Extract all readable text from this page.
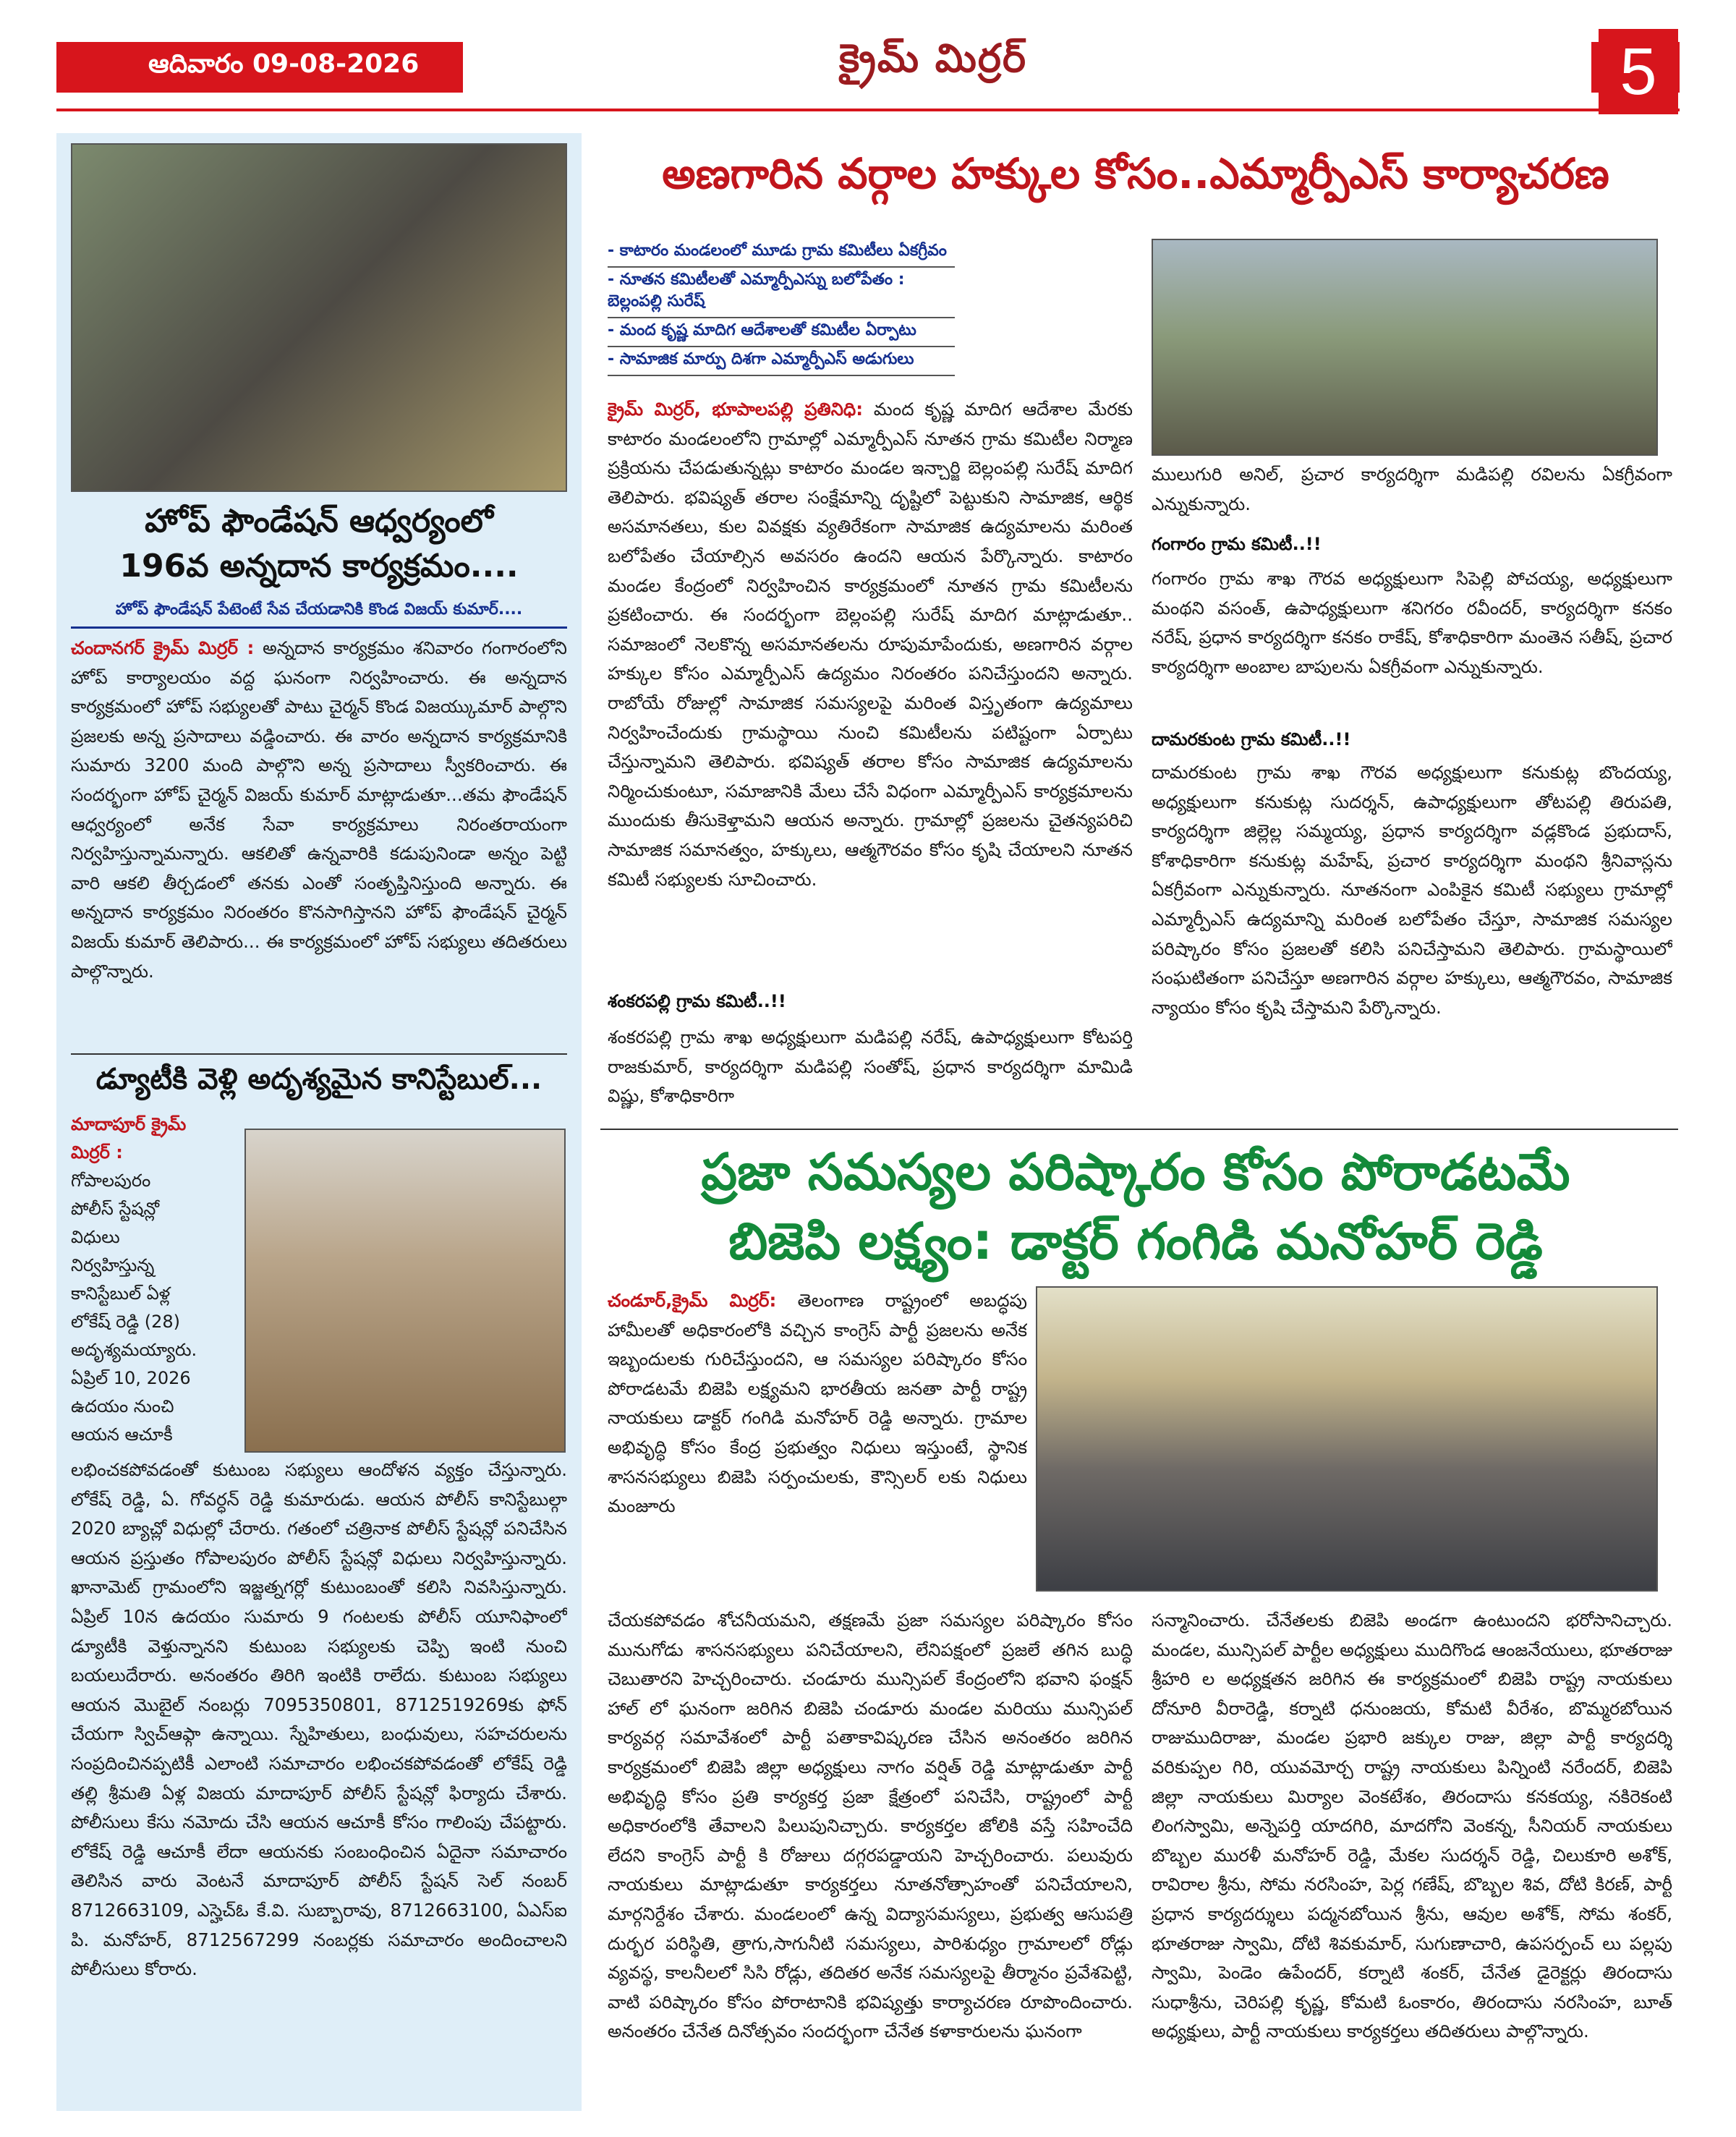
ఆదివారం 09-08-2026	క్రైమ్ మిర్రర్	5
హోప్ ఫౌండేషన్ ఆధ్వర్యంలో
196వ అన్నదాన కార్యక్రమం....
హోప్ ఫౌండేషన్ పేటెంటే సేవ చేయడానికి కొండ విజయ్ కుమార్....
చందానగర్ క్రైమ్ మిర్రర్ : అన్నదాన కార్యక్రమం శనివారం గంగారంలోని హోప్ కార్యాలయం వద్ద ఘనంగా నిర్వహించారు. ఈ అన్నదాన కార్యక్రమంలో హోప్ సభ్యులతో పాటు చైర్మన్ కొండ విజయ్కుమార్ పాల్గొని ప్రజలకు అన్న ప్రసాదాలు వడ్డించారు. ఈ వారం అన్నదాన కార్యక్రమానికి సుమారు 3200 మంది పాల్గొని అన్న ప్రసాదాలు స్వీకరించారు. ఈ సందర్భంగా హోప్ చైర్మన్ విజయ్ కుమార్ మాట్లాడుతూ...తమ ఫౌండేషన్ ఆధ్వర్యంలో అనేక సేవా కార్యక్రమాలు నిరంతరాయంగా నిర్వహిస్తున్నామన్నారు. ఆకలితో ఉన్నవారికి కడుపునిండా అన్నం పెట్టి వారి ఆకలి తీర్చడంలో తనకు ఎంతో సంతృప్తినిస్తుంది అన్నారు. ఈ అన్నదాన కార్యక్రమం నిరంతరం కొనసాగిస్తానని హోప్ ఫౌండేషన్ చైర్మన్ విజయ్ కుమార్ తెలిపారు... ఈ కార్యక్రమంలో హోప్ సభ్యులు తదితరులు పాల్గొన్నారు.
డ్యూటీకి వెళ్లి అదృశ్యమైన కానిస్టేబుల్...
మాదాపూర్ క్రైమ్
మిర్రర్ :
గోపాలపురం
పోలీస్ స్టేషన్లో
విధులు
నిర్వహిస్తున్న
కానిస్టేబుల్ ఏళ్ల
లోకేష్ రెడ్డి (28)
అదృశ్యమయ్యారు.
ఏప్రిల్ 10, 2026
ఉదయం నుంచి
ఆయన ఆచూకీ
లభించకపోవడంతో కుటుంబ సభ్యులు ఆందోళన వ్యక్తం చేస్తున్నారు. లోకేష్ రెడ్డి, ఏ. గోవర్ధన్ రెడ్డి కుమారుడు. ఆయన పోలీస్ కానిస్టేబుల్గా 2020 బ్యాచ్లో విధుల్లో చేరారు. గతంలో చత్రినాక పోలీస్ స్టేషన్లో పనిచేసిన ఆయన ప్రస్తుతం గోపాలపురం పోలీస్ స్టేషన్లో విధులు నిర్వహిస్తున్నారు. ఖానామెట్ గ్రామంలోని ఇజ్జత్నగర్లో కుటుంబంతో కలిసి నివసిస్తున్నారు. ఏప్రిల్ 10న ఉదయం సుమారు 9 గంటలకు పోలీస్ యూనిఫాంలో డ్యూటీకి వెళ్తున్నానని కుటుంబ సభ్యులకు చెప్పి ఇంటి నుంచి బయలుదేరారు. అనంతరం తిరిగి ఇంటికి రాలేదు. కుటుంబ సభ్యులు ఆయన మొబైల్ నంబర్లు 7095350801, 8712519269కు ఫోన్ చేయగా స్విచ్ఆఫ్గా ఉన్నాయి. స్నేహితులు, బంధువులు, సహచరులను సంప్రదించినప్పటికీ ఎలాంటి సమాచారం లభించకపోవడంతో లోకేష్ రెడ్డి తల్లి శ్రీమతి ఏళ్ల విజయ మాదాపూర్ పోలీస్ స్టేషన్లో ఫిర్యాదు చేశారు. పోలీసులు కేసు నమోదు చేసి ఆయన ఆచూకీ కోసం గాలింపు చేపట్టారు. లోకేష్ రెడ్డి ఆచూకీ లేదా ఆయనకు సంబంధించిన ఏదైనా సమాచారం తెలిసిన వారు వెంటనే మాదాపూర్ పోలీస్ స్టేషన్ సెల్ నంబర్ 8712663109, ఎస్హెచ్ఓ కే.వి. సుబ్బారావు, 8712663100, ఏఎస్ఐ పి. మనోహర్, 8712567299 నంబర్లకు సమాచారం అందించాలని పోలీసులు కోరారు.
అణగారిన వర్గాల హక్కుల కోసం..ఎమ్మార్పీఎస్ కార్యాచరణ
- కాటారం మండలంలో మూడు గ్రామ కమిటీలు ఏకగ్రీవం
- నూతన కమిటీలతో ఎమ్మార్పీఎస్ను బలోపేతం : బెల్లంపల్లి సురేష్
- మంద కృష్ణ మాదిగ ఆదేశాలతో కమిటీల ఏర్పాటు
- సామాజిక మార్పు దిశగా ఎమ్మార్పీఎస్ అడుగులు
క్రైమ్ మిర్రర్, భూపాలపల్లి ప్రతినిధి: మంద కృష్ణ మాదిగ ఆదేశాల మేరకు కాటారం మండలంలోని గ్రామాల్లో ఎమ్మార్పీఎస్ నూతన గ్రామ కమిటీల నిర్మాణ ప్రక్రియను చేపడుతున్నట్లు కాటారం మండల ఇన్చార్జి బెల్లంపల్లి సురేష్ మాదిగ తెలిపారు. భవిష్యత్ తరాల సంక్షేమాన్ని దృష్టిలో పెట్టుకుని సామాజిక, ఆర్థిక అసమానతలు, కుల వివక్షకు వ్యతిరేకంగా సామాజిక ఉద్యమాలను మరింత బలోపేతం చేయాల్సిన అవసరం ఉందని ఆయన పేర్కొన్నారు. కాటారం మండల కేంద్రంలో నిర్వహించిన కార్యక్రమంలో నూతన గ్రామ కమిటీలను ప్రకటించారు. ఈ సందర్భంగా బెల్లంపల్లి సురేష్ మాదిగ మాట్లాడుతూ.. సమాజంలో నెలకొన్న అసమానతలను రూపుమాపేందుకు, అణగారిన వర్గాల హక్కుల కోసం ఎమ్మార్పీఎస్ ఉద్యమం నిరంతరం పనిచేస్తుందని అన్నారు. రాబోయే రోజుల్లో సామాజిక సమస్యలపై మరింత విస్తృతంగా ఉద్యమాలు నిర్వహించేందుకు గ్రామస్థాయి నుంచి కమిటీలను పటిష్టంగా ఏర్పాటు చేస్తున్నామని తెలిపారు. భవిష్యత్ తరాల కోసం సామాజిక ఉద్యమాలను నిర్మించుకుంటూ, సమాజానికి మేలు చేసే విధంగా ఎమ్మార్పీఎస్ కార్యక్రమాలను ముందుకు తీసుకెళ్తామని ఆయన అన్నారు. గ్రామాల్లో ప్రజలను చైతన్యపరిచి సామాజిక సమానత్వం, హక్కులు, ఆత్మగౌరవం కోసం కృషి చేయాలని నూతన కమిటీ సభ్యులకు సూచించారు.
శంకరపల్లి గ్రామ కమిటీ..!!
శంకరపల్లి గ్రామ శాఖ అధ్యక్షులుగా మడిపల్లి నరేష్, ఉపాధ్యక్షులుగా కోటపర్తి రాజకుమార్, కార్యదర్శిగా మడిపల్లి సంతోష్, ప్రధాన కార్యదర్శిగా మామిడి విష్ణు, కోశాధికారిగా
ములుగురి అనిల్, ప్రచార కార్యదర్శిగా మడిపల్లి రవిలను ఏకగ్రీవంగా ఎన్నుకున్నారు.
గంగారం గ్రామ కమిటీ..!!
గంగారం గ్రామ శాఖ గౌరవ అధ్యక్షులుగా సిపెల్లి పోచయ్య, అధ్యక్షులుగా మంథని వసంత్, ఉపాధ్యక్షులుగా శనిగరం రవీందర్, కార్యదర్శిగా కనకం నరేష్, ప్రధాన కార్యదర్శిగా కనకం రాకేష్, కోశాధికారిగా మంతెన సతీష్, ప్రచార కార్యదర్శిగా అంబాల బాపులను ఏకగ్రీవంగా ఎన్నుకున్నారు.
దామరకుంట గ్రామ కమిటీ..!!
దామరకుంట గ్రామ శాఖ గౌరవ అధ్యక్షులుగా కనుకుట్ల బొందయ్య, అధ్యక్షులుగా కనుకుట్ల సుదర్శన్, ఉపాధ్యక్షులుగా తోటపల్లి తిరుపతి, కార్యదర్శిగా జిల్లెల్ల సమ్మయ్య, ప్రధాన కార్యదర్శిగా వడ్లకొండ ప్రభుదాస్, కోశాధికారిగా కనుకుట్ల మహేష్, ప్రచార కార్యదర్శిగా మంథని శ్రీనివాస్లను ఏకగ్రీవంగా ఎన్నుకున్నారు. నూతనంగా ఎంపికైన కమిటీ సభ్యులు గ్రామాల్లో ఎమ్మార్పీఎస్ ఉద్యమాన్ని మరింత బలోపేతం చేస్తూ, సామాజిక సమస్యల పరిష్కారం కోసం ప్రజలతో కలిసి పనిచేస్తామని తెలిపారు. గ్రామస్థాయిలో సంఘటితంగా పనిచేస్తూ అణగారిన వర్గాల హక్కులు, ఆత్మగౌరవం, సామాజిక న్యాయం కోసం కృషి చేస్తామని పేర్కొన్నారు.
ప్రజా సమస్యల పరిష్కారం కోసం పోరాడటమే
బిజెపి లక్ష్యం: డాక్టర్ గంగిడి మనోహర్ రెడ్డి
చండూర్,క్రైమ్ మిర్రర్: తెలంగాణ రాష్ట్రంలో అబద్ధపు హామీలతో అధికారంలోకి వచ్చిన కాంగ్రెస్ పార్టీ ప్రజలను అనేక ఇబ్బందులకు గురిచేస్తుందని, ఆ సమస్యల పరిష్కారం కోసం పోరాడటమే బిజెపి లక్ష్యమని భారతీయ జనతా పార్టీ రాష్ట్ర నాయకులు డాక్టర్ గంగిడి మనోహర్ రెడ్డి అన్నారు. గ్రామాల అభివృద్ధి కోసం కేంద్ర ప్రభుత్వం నిధులు ఇస్తుంటే, స్థానిక శాసనసభ్యులు బిజెపి సర్పంచులకు, కౌన్సిలర్ లకు నిధులు మంజూరు
చేయకపోవడం శోచనీయమని, తక్షణమే ప్రజా సమస్యల పరిష్కారం కోసం మునుగోడు శాసనసభ్యులు పనిచేయాలని, లేనిపక్షంలో ప్రజలే తగిన బుద్ధి చెబుతారని హెచ్చరించారు. చండూరు మున్సిపల్ కేంద్రంలోని భవాని ఫంక్షన్ హాల్ లో ఘనంగా జరిగిన బిజెపి చండూరు మండల మరియు మున్సిపల్ కార్యవర్గ సమావేశంలో పార్టీ పతాకావిష్కరణ చేసిన అనంతరం జరిగిన కార్యక్రమంలో బిజెపి జిల్లా అధ్యక్షులు నాగం వర్షిత్ రెడ్డి మాట్లాడుతూ పార్టీ అభివృద్ధి కోసం ప్రతి కార్యకర్త ప్రజా క్షేత్రంలో పనిచేసి, రాష్ట్రంలో పార్టీ అధికారంలోకి తేవాలని పిలుపునిచ్చారు. కార్యకర్తల జోలికి వస్తే సహించేది లేదని కాంగ్రెస్ పార్టీ కి రోజులు దగ్గరపడ్డాయని హెచ్చరించారు. పలువురు నాయకులు మాట్లాడుతూ కార్యకర్తలు నూతనోత్సాహంతో పనిచేయాలని, మార్గనిర్దేశం చేశారు. మండలంలో ఉన్న విద్యాసమస్యలు, ప్రభుత్వ ఆసుపత్రి దుర్భర పరిస్థితి, త్రాగు,సాగునీటి సమస్యలు, పారిశుధ్యం గ్రామాలలో రోడ్లు వ్యవస్థ, కాలనీలలో సిసి రోడ్లు, తదితర అనేక సమస్యలపై తీర్మానం ప్రవేశపెట్టి, వాటి పరిష్కారం కోసం పోరాటానికి భవిష్యత్తు కార్యాచరణ రూపొందించారు. అనంతరం చేనేత దినోత్సవం సందర్భంగా చేనేత కళాకారులను ఘనంగా
సన్మానించారు. చేనేతలకు బిజెపి అండగా ఉంటుందని భరోసానిచ్చారు. మండల, మున్సిపల్ పార్టీల అధ్యక్షులు ముదిగొండ ఆంజనేయులు, భూతరాజు శ్రీహరి ల అధ్యక్షతన జరిగిన ఈ కార్యక్రమంలో బిజెపి రాష్ట్ర నాయకులు దోనూరి వీరారెడ్డి, కర్నాటి ధనుంజయ, కోమటి వీరేశం, బొమ్మరబోయిన రాజుముదిరాజు, మండల ప్రభారి జక్కుల రాజు, జిల్లా పార్టీ కార్యదర్శి వరికుప్పల గిరి, యువమోర్చ రాష్ట్ర నాయకులు పిన్నింటి నరేందర్, బిజెపి జిల్లా నాయకులు మిర్యాల వెంకటేశం, తిరందాసు కనకయ్య, నకిరెకంటి లింగస్వామి, అన్నెపర్తి యాదగిరి, మాదగోని వెంకన్న, సీనియర్ నాయకులు బొబ్బల మురళీ మనోహర్ రెడ్డి, మేకల సుదర్శన్ రెడ్డి, చిలుకూరి అశోక్, రావిరాల శ్రీను, సోమ నరసింహ, పెర్ల గణేష్, బొబ్బల శివ, దోటి కిరణ్, పార్టీ ప్రధాన కార్యదర్శులు పద్మనబోయిన శ్రీను, ఆవుల అశోక్, సోమ శంకర్, భూతరాజు స్వామి, దోటి శివకుమార్, సుగుణాచారి, ఉపసర్పంచ్ లు పల్లపు స్వామి, పెండెం ఉపేందర్, కర్నాటి శంకర్, చేనేత డైరెక్టర్లు తిరందాసు సుధాశ్రీను, చెరిపల్లి కృష్ణ, కోమటి ఓంకారం, తిరందాసు నరసింహ, బూత్ అధ్యక్షులు, పార్టీ నాయకులు కార్యకర్తలు తదితరులు పాల్గొన్నారు.
